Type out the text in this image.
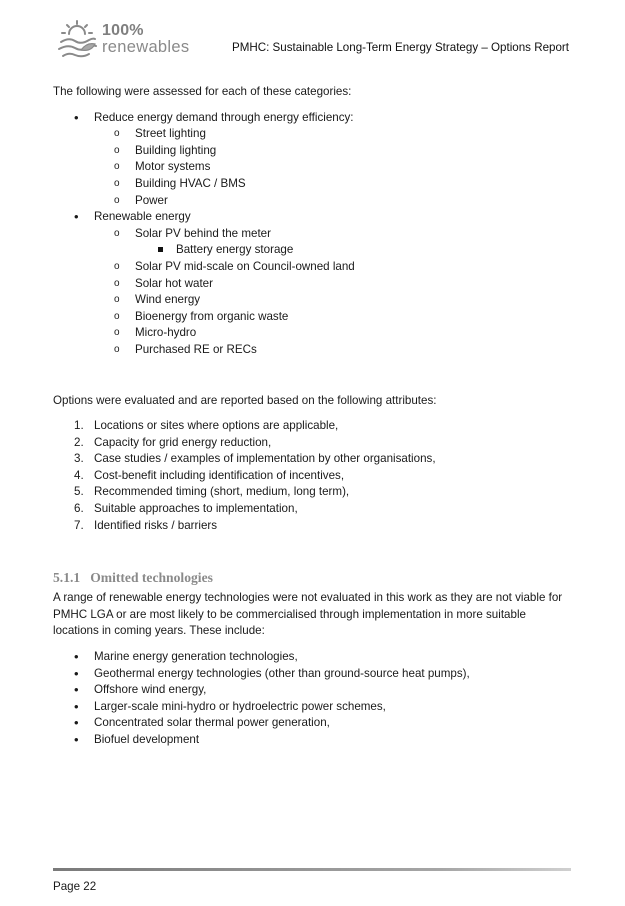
100%
renewables	PMHC: Sustainable Long-Term Energy Strategy – Options Report

The following were assessed for each of these categories:

•	Reduce energy demand through energy efficiency:
o Street lighting
o Building lighting
o Motor systems
o Building HVAC / BMS
o Power
•	Renewable energy
o Solar PV behind the meter
Battery energy storage
o Solar PV mid-scale on Council-owned land
o Solar hot water
o Wind energy
o Bioenergy from organic waste
o Micro-hydro
o Purchased RE or RECs

Options were evaluated and are reported based on the following attributes:

1. Locations or sites where options are applicable,
2. Capacity for grid energy reduction,
3. Case studies / examples of implementation by other organisations,
4. Cost-benefit including identification of incentives,
5. Recommended timing (short, medium, long term),
6. Suitable approaches to implementation,
7. Identified risks / barriers
5.1.1 Omitted technologies

A range of renewable energy technologies were not evaluated in this work as they are not viable for PMHC LGA or are most likely to be commercialised through implementation in more suitable locations in coming years. These include:

•	Marine energy generation technologies,
•	Geothermal energy technologies (other than ground-source heat pumps),
•	Offshore wind energy,
•	Larger-scale mini-hydro or hydroelectric power schemes,
•	Concentrated solar thermal power generation,
•	Biofuel development
Page 22
